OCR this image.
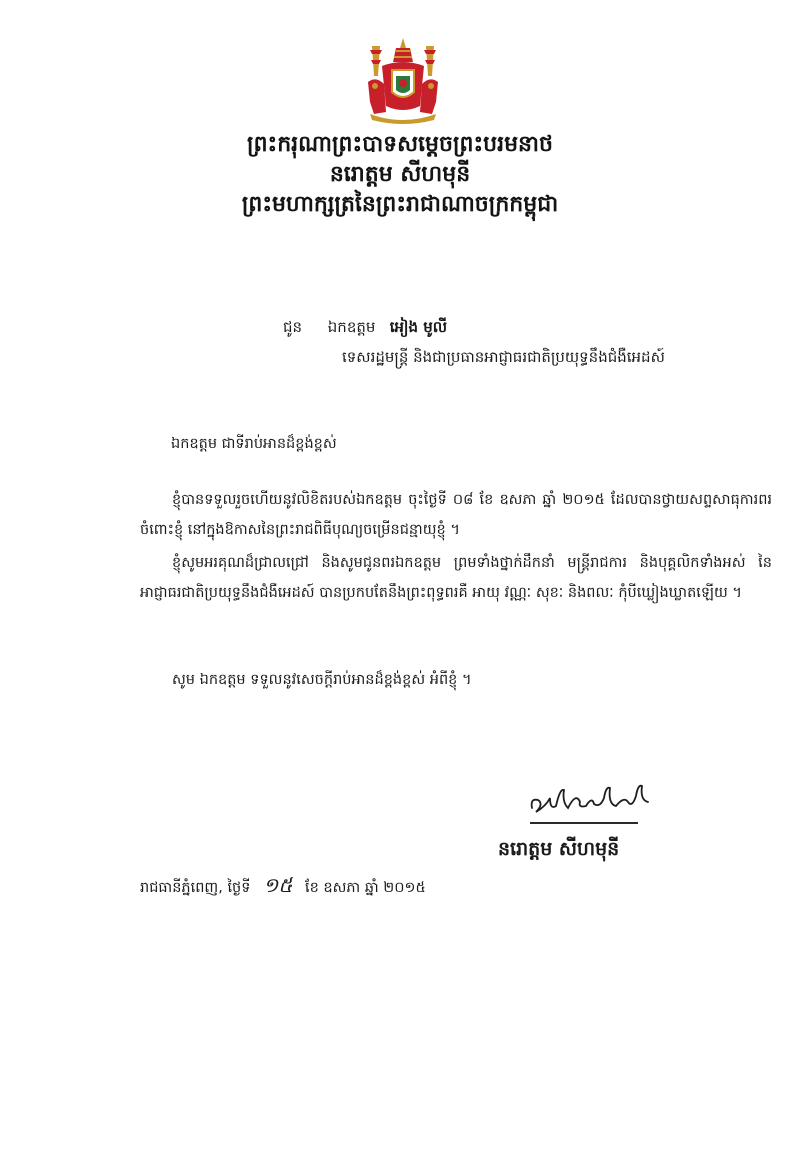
ព្រះករុណាព្រះបាទសម្តេចព្រះបរមនាថ
នរោត្តម សីហមុនី
ព្រះមហាក្សត្រនៃព្រះរាជាណាចក្រកម្ពុជា
ជូន ឯកឧត្តម អៀង មូលី
ទេសរដ្ឋមន្រ្តី និងជាប្រធានអាជ្ញាធរជាតិប្រយុទ្ធនឹងជំងឺអេដស៍
ឯកឧត្តម ជាទីរាប់អានដ៏ខ្ពង់ខ្ពស់
ខ្ញុំបានទទួលរួចហើយនូវលិខិតរបស់ឯកឧត្តម ចុះថ្ងៃទី ០៨ ខែ ឧសភា ឆ្នាំ ២០១៥ ដែលបានថ្វាយសព្ទសាធុការពរចំពោះខ្ញុំ នៅក្នុងឱកាសនៃព្រះរាជពិធីបុណ្យចម្រើនជន្មាយុខ្ញុំ ។
ខ្ញុំសូមអរគុណដ៏ជ្រាលជ្រៅ និងសូមជូនពរឯកឧត្តម ព្រមទាំងថ្នាក់ដឹកនាំ មន្រ្តីរាជការ និងបុគ្គលិកទាំងអស់ នៃអាជ្ញាធរជាតិប្រយុទ្ធនឹងជំងឺអេដស៍ បានប្រកបតែនឹងព្រះពុទ្ធពរគឺ អាយុ វណ្ណៈ សុខៈ និងពលៈ កុំបីឃ្លៀងឃ្លាតឡើយ ។
សូម ឯកឧត្តម ទទួលនូវសេចក្តីរាប់អានដ៏ខ្ពង់ខ្ពស់ អំពីខ្ញុំ ។
នរោត្តម សីហមុនី
រាជធានីភ្នំពេញ, ថ្ងៃទី ១៥ ខែ ឧសភា ឆ្នាំ ២០១៥
